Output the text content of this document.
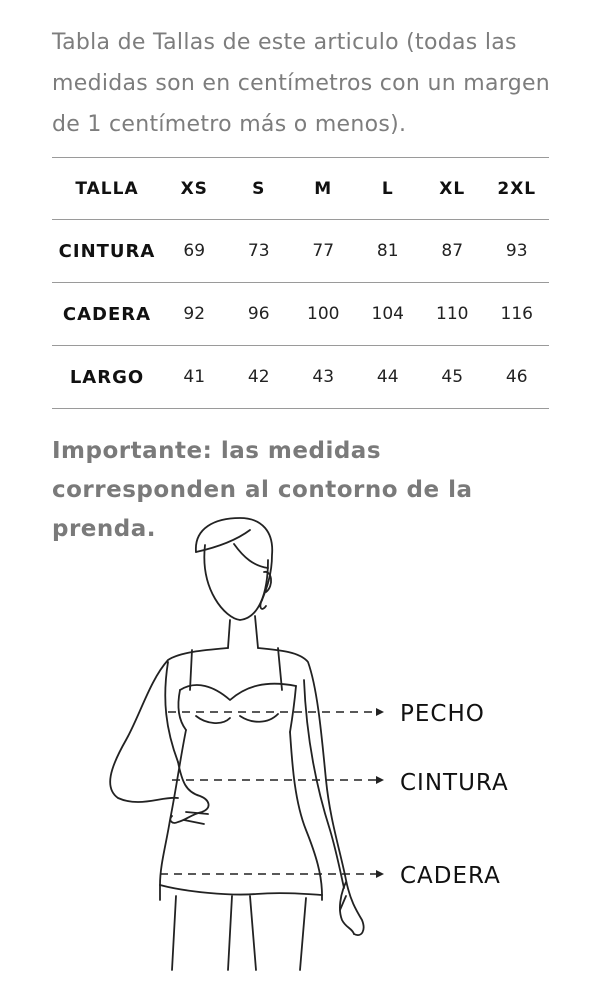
Tabla de Tallas de este articulo (todas las medidas son en centímetros con un margen de 1 centímetro más o menos).

TALLA	XS	S	M	L	XL	2XL
CINTURA	69	73	77	81	87	93
CADERA	92	96	100	104	110	116
LARGO	41	42	43	44	45	46

Importante: las medidas corresponden al contorno de la prenda.

PECHO
CINTURA
CADERA
